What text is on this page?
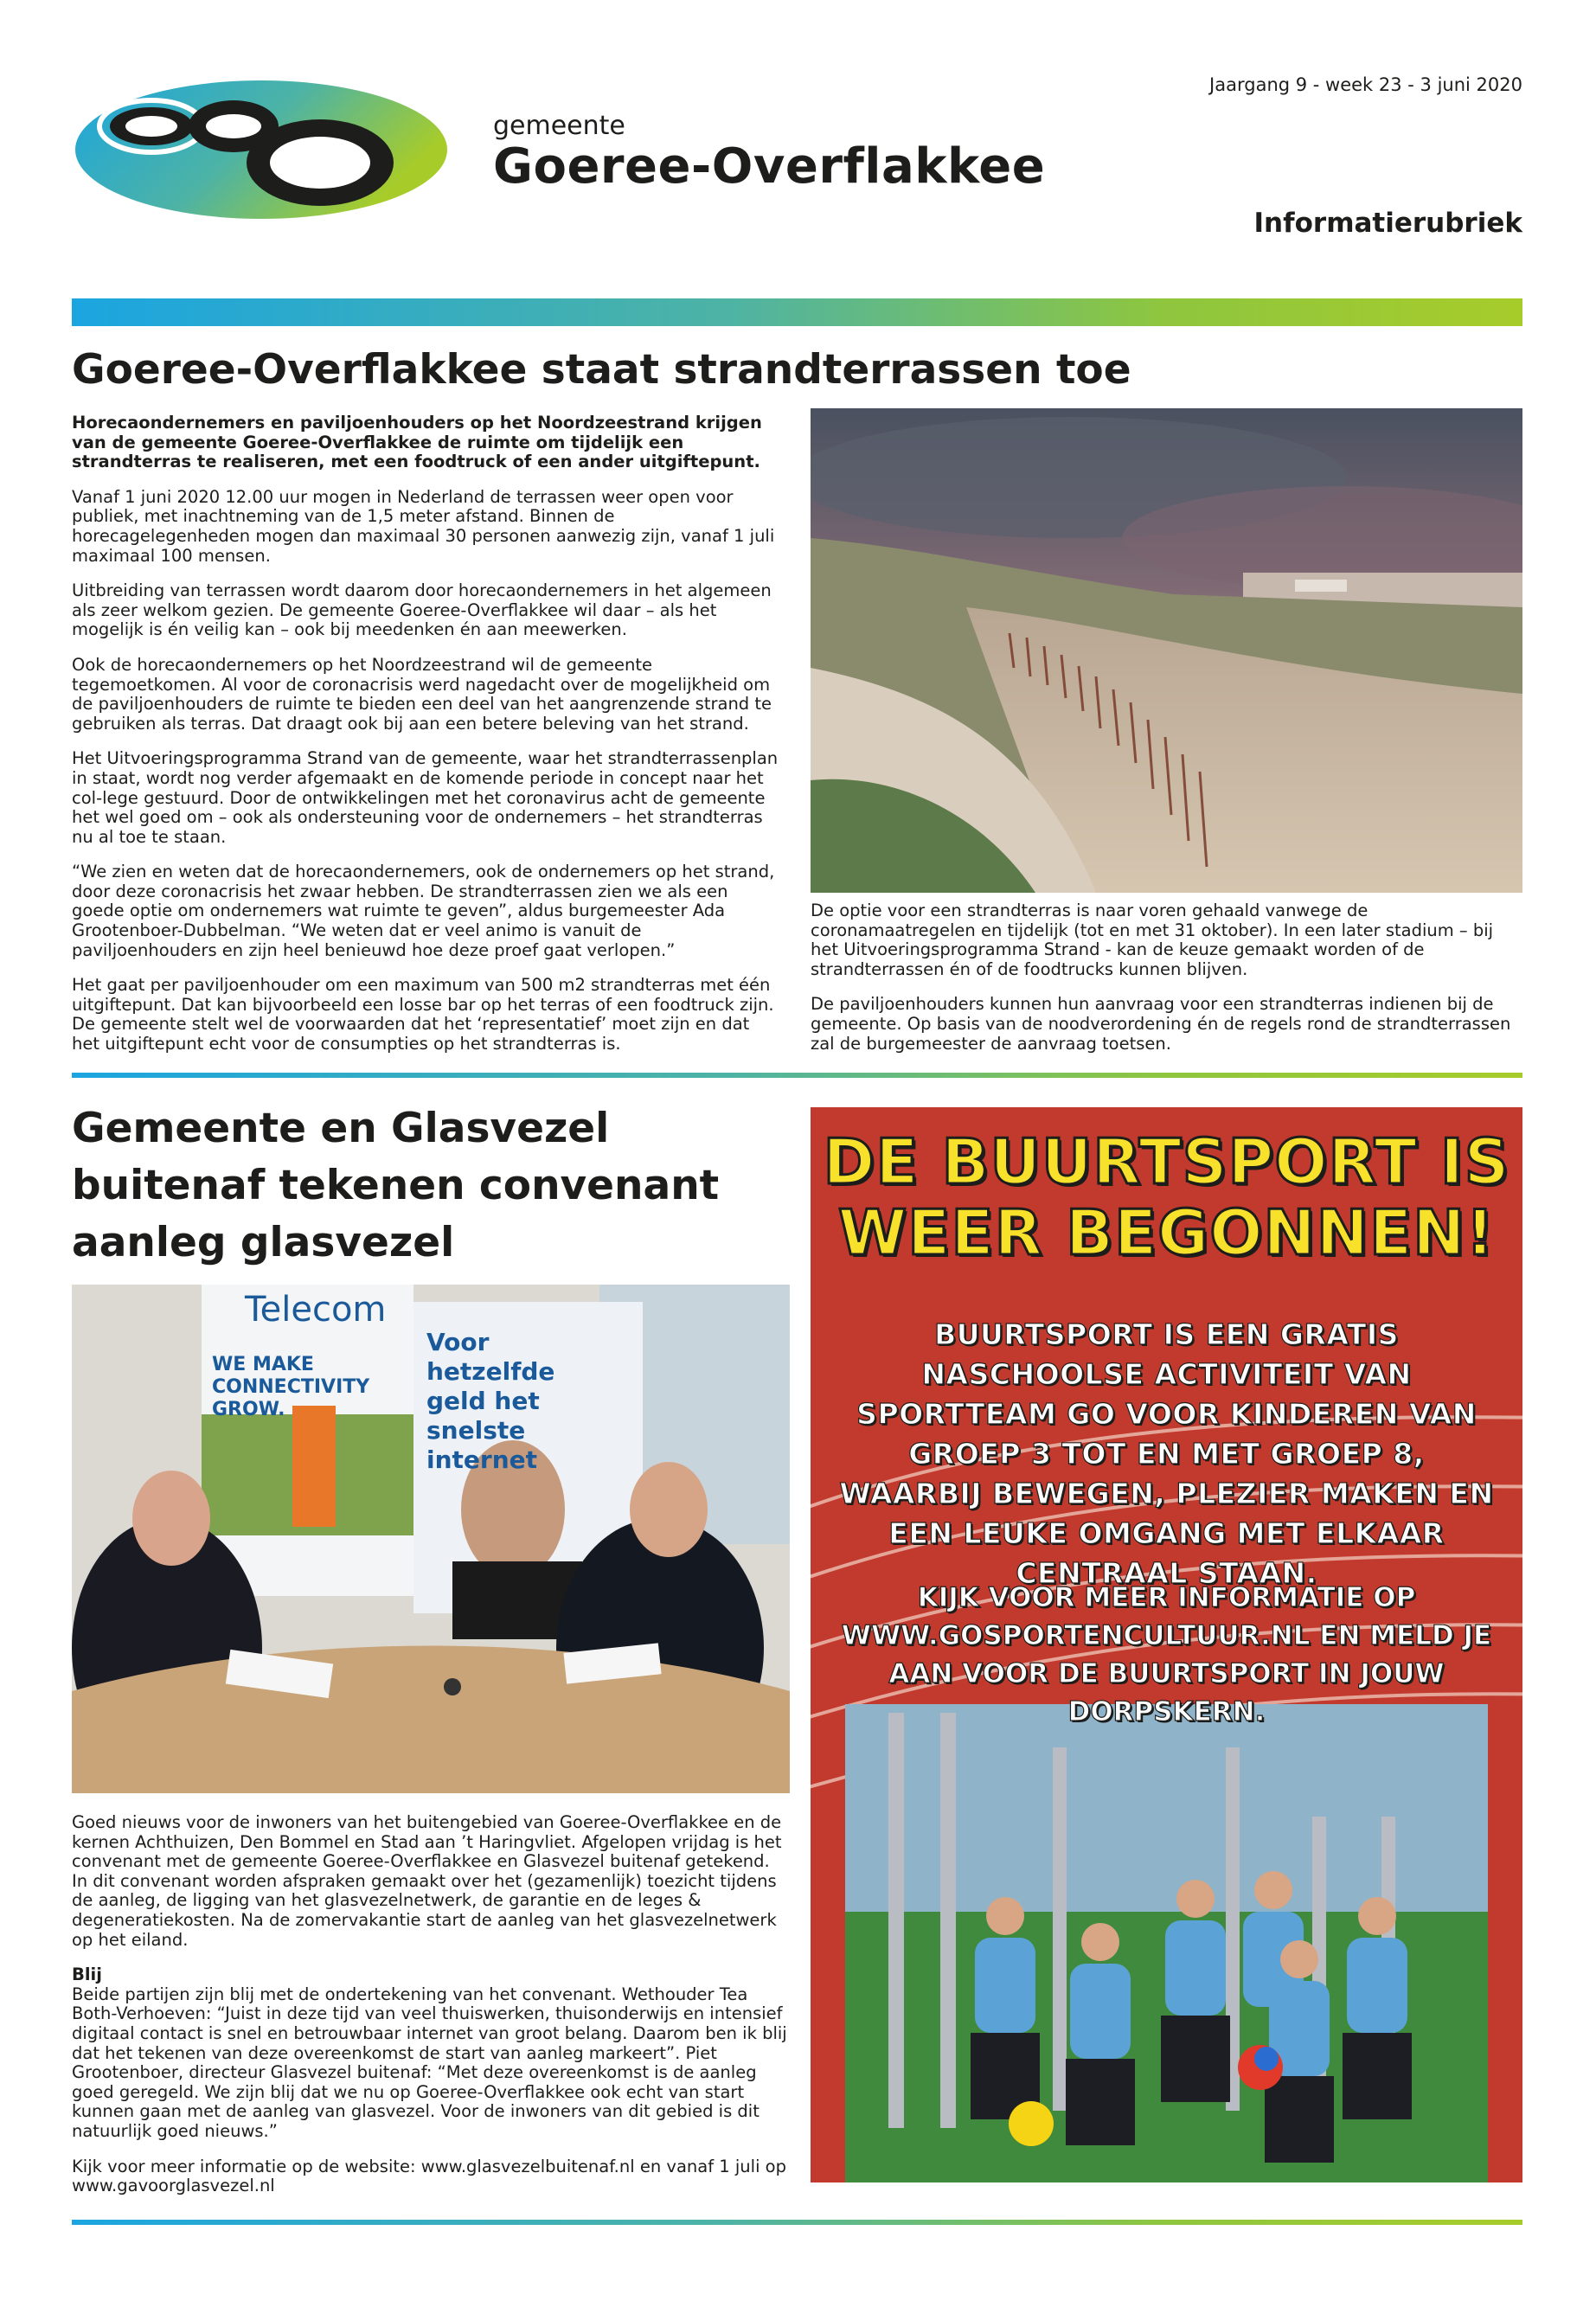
gemeente
Goeree-Overflakkee
Jaargang 9 - week 23 - 3 juni 2020
Informatierubriek
Goeree-Overflakkee staat strandterrassen toe

Horecaondernemers en paviljoenhouders op het Noordzeestrand krijgen van de gemeente Goeree-Overflakkee de ruimte om tijdelijk een strandterras te realiseren, met een foodtruck of een ander uitgiftepunt.

Vanaf 1 juni 2020 12.00 uur mogen in Nederland de terrassen weer open voor publiek, met inachtneming van de 1,5 meter afstand. Binnen de horecagelegenheden mogen dan maximaal 30 personen aanwezig zijn, vanaf 1 juli maximaal 100 mensen.

Uitbreiding van terrassen wordt daarom door horecaondernemers in het algemeen als zeer welkom gezien. De gemeente Goeree-Overflakkee wil daar – als het mogelijk is én veilig kan – ook bij meedenken én aan meewerken.

Ook de horecaondernemers op het Noordzeestrand wil de gemeente tegemoetkomen. Al voor de coronacrisis werd nagedacht over de mogelijkheid om de paviljoenhouders de ruimte te bieden een deel van het aangrenzende strand te gebruiken als terras. Dat draagt ook bij aan een betere beleving van het strand.

Het Uitvoeringsprogramma Strand van de gemeente, waar het strandterrassenplan in staat, wordt nog verder afgemaakt en de komende periode in concept naar het col-lege gestuurd. Door de ontwikkelingen met het coronavirus acht de gemeente het wel goed om – ook als ondersteuning voor de ondernemers – het strandterras nu al toe te staan.

“We zien en weten dat de horecaondernemers, ook de ondernemers op het strand, door deze coronacrisis het zwaar hebben. De strandterrassen zien we als een goede optie om ondernemers wat ruimte te geven”, aldus burgemeester Ada Grootenboer-Dubbelman. “We weten dat er veel animo is vanuit de paviljoenhouders en zijn heel benieuwd hoe deze proef gaat verlopen.”

Het gaat per paviljoenhouder om een maximum van 500 m2 strandterras met één uitgiftepunt. Dat kan bijvoorbeeld een losse bar op het terras of een foodtruck zijn. De gemeente stelt wel de voorwaarden dat het ‘representatief’ moet zijn en dat het uitgiftepunt echt voor de consumpties op het strandterras is.

De optie voor een strandterras is naar voren gehaald vanwege de coronamaatregelen en tijdelijk (tot en met 31 oktober). In een later stadium – bij het Uitvoeringsprogramma Strand - kan de keuze gemaakt worden of de strandterrassen én of de foodtrucks kunnen blijven.

De paviljoenhouders kunnen hun aanvraag voor een strandterras indienen bij de gemeente. Op basis van de noodverordening én de regels rond de strandterrassen zal de burgemeester de aanvraag toetsen.

Gemeente en Glasvezel buitenaf tekenen convenant aanleg glasvezel
Telecom
WE MAKE CONNECTIVITY GROW.
Voor hetzelfde geld het snelste internet

Goed nieuws voor de inwoners van het buitengebied van Goeree-Overflakkee en de kernen Achthuizen, Den Bommel en Stad aan ’t Haringvliet. Afgelopen vrijdag is het convenant met de gemeente Goeree-Overflakkee en Glasvezel buitenaf getekend. In dit convenant worden afspraken gemaakt over het (gezamenlijk) toezicht tijdens de aanleg, de ligging van het glasvezelnetwerk, de garantie en de leges & degeneratiekosten. Na de zomervakantie start de aanleg van het glasvezelnetwerk op het eiland.

Blij

Beide partijen zijn blij met de ondertekening van het convenant. Wethouder Tea Both-Verhoeven: “Juist in deze tijd van veel thuiswerken, thuisonderwijs en intensief digitaal contact is snel en betrouwbaar internet van groot belang. Daarom ben ik blij dat het tekenen van deze overeenkomst de start van aanleg markeert”. Piet Grootenboer, directeur Glasvezel buitenaf: “Met deze overeenkomst is de aanleg goed geregeld. We zijn blij dat we nu op Goeree-Overflakkee ook echt van start kunnen gaan met de aanleg van glasvezel. Voor de inwoners van dit gebied is dit natuurlijk goed nieuws.”

Kijk voor meer informatie op de website: www.glasvezelbuitenaf.nl en vanaf 1 juli op www.gavoorglasvezel.nl

DE BUURTSPORT IS WEER BEGONNEN!
BUURTSPORT IS EEN GRATIS NASCHOOLSE ACTIVITEIT VAN SPORTTEAM GO VOOR KINDEREN VAN GROEP 3 TOT EN MET GROEP 8, WAARBIJ BEWEGEN, PLEZIER MAKEN EN EEN LEUKE OMGANG MET ELKAAR CENTRAAL STAAN.
KIJK VOOR MEER INFORMATIE OP WWW.GOSPORTENCULTUUR.NL EN MELD JE AAN VOOR DE BUURTSPORT IN JOUW DORPSKERN.
